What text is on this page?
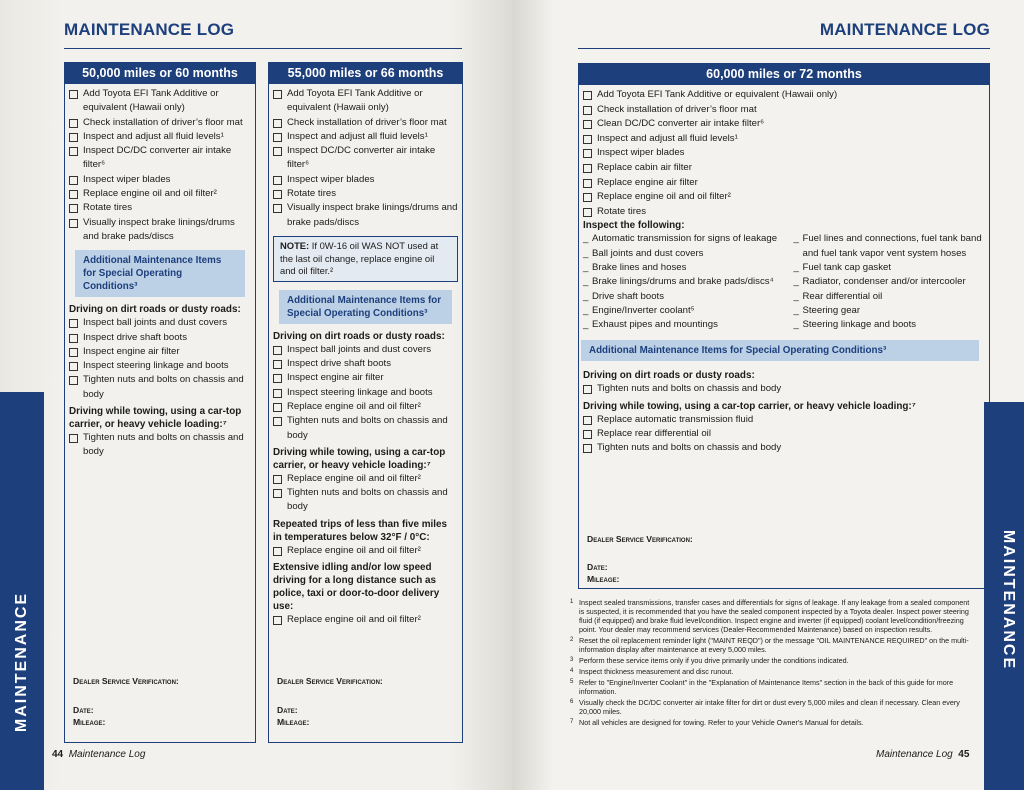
MAINTENANCE LOG
50,000 miles or 60 months
Add Toyota EFI Tank Additive or equivalent (Hawaii only)
Check installation of driver’s floor mat
Inspect and adjust all fluid levels¹
Inspect DC/DC converter air intake filter⁶
Inspect wiper blades
Replace engine oil and oil filter²
Rotate tires
Visually inspect brake linings/drums and brake pads/discs
Additional Maintenance Items for Special Operating Conditions³
Driving on dirt roads or dusty roads:
Inspect ball joints and dust covers
Inspect drive shaft boots
Inspect engine air filter
Inspect steering linkage and boots
Tighten nuts and bolts on chassis and body
Driving while towing, using a car-top carrier, or heavy vehicle loading:⁷
Tighten nuts and bolts on chassis and body
Dealer Service Verification:
Date:
Mileage:
55,000 miles or 66 months
Add Toyota EFI Tank Additive or equivalent (Hawaii only)
Check installation of driver’s floor mat
Inspect and adjust all fluid levels¹
Inspect DC/DC converter air intake filter⁶
Inspect wiper blades
Rotate tires
Visually inspect brake linings/drums and brake pads/discs
NOTE: If 0W-16 oil WAS NOT used at the last oil change, replace engine oil and oil filter.²
Additional Maintenance Items for Special Operating Conditions³
Driving on dirt roads or dusty roads:
Inspect ball joints and dust covers
Inspect drive shaft boots
Inspect engine air filter
Inspect steering linkage and boots
Replace engine oil and oil filter²
Tighten nuts and bolts on chassis and body
Driving while towing, using a car-top carrier, or heavy vehicle loading:⁷
Replace engine oil and oil filter²
Tighten nuts and bolts on chassis and body
Repeated trips of less than five miles in temperatures below 32°F / 0°C:
Replace engine oil and oil filter²
Extensive idling and/or low speed driving for a long distance such as police, taxi or door-to-door delivery use:
Replace engine oil and oil filter²
Dealer Service Verification:
Date:
Mileage:
MAINTENANCE
44 Maintenance Log
MAINTENANCE LOG
60,000 miles or 72 months
Add Toyota EFI Tank Additive or equivalent (Hawaii only)
Check installation of driver’s floor mat
Clean DC/DC converter air intake filter⁶
Inspect and adjust all fluid levels¹
Inspect wiper blades
Replace cabin air filter
Replace engine air filter
Replace engine oil and oil filter²
Rotate tires
Inspect the following:
_ Automatic transmission for signs of leakage
_ Ball joints and dust covers
_ Brake lines and hoses
_ Brake linings/drums and brake pads/discs⁴
_ Drive shaft boots
_ Engine/Inverter coolant⁵
_ Exhaust pipes and mountings
_ Fuel lines and connections, fuel tank band and fuel tank vapor vent system hoses
_ Fuel tank cap gasket
_ Radiator, condenser and/or intercooler
_ Rear differential oil
_ Steering gear
_ Steering linkage and boots
Additional Maintenance Items for Special Operating Conditions³
Driving on dirt roads or dusty roads:
Tighten nuts and bolts on chassis and body
Driving while towing, using a car-top carrier, or heavy vehicle loading:⁷
Replace automatic transmission fluid
Replace rear differential oil
Tighten nuts and bolts on chassis and body
Dealer Service Verification:
Date:
Mileage:
1 Inspect sealed transmissions, transfer cases and differentials for signs of leakage. If any leakage from a sealed component is suspected, it is recommended that you have the sealed component inspected by a Toyota dealer. Inspect power steering fluid (if equipped) and brake fluid level/condition. Inspect engine and inverter (if equipped) coolant level/condition/freezing point. Your dealer may recommend services (Dealer-Recommended Maintenance) based on inspection results.
2 Reset the oil replacement reminder light ("MAINT REQD") or the message "OIL MAINTENANCE REQUIRED" on the multi-information display after maintenance at every 5,000 miles.
3 Perform these service items only if you drive primarily under the conditions indicated.
4 Inspect thickness measurement and disc runout.
5 Refer to "Engine/Inverter Coolant" in the "Explanation of Maintenance Items" section in the back of this guide for more information.
6 Visually check the DC/DC converter air intake filter for dirt or dust every 5,000 miles and clean if necessary. Clean every 20,000 miles.
7 Not all vehicles are designed for towing. Refer to your Vehicle Owner's Manual for details.
MAINTENANCE
Maintenance Log 45
